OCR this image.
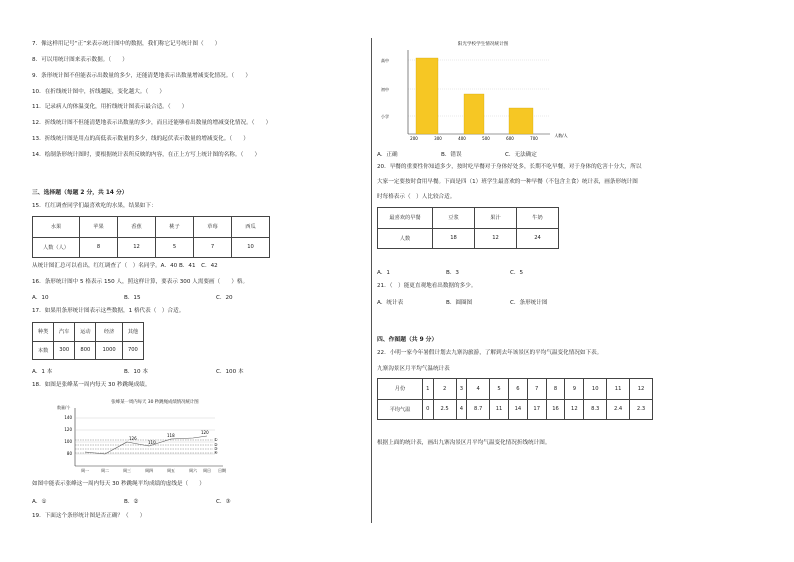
7．像这样用记号“正”来表示统计图中的数据，我们称它记号统计图（　　）
8．可以用统计图来表示数据。（　　）
9．条形统计图不但能表示出数量的多少，还能清楚地表示出数量增减变化情况。（　　）
10．在折线统计图中，折线越陡，变化越大。（　　）
11．记录病人的体温变化，用折线统计图表示最合适。（　　）
12．折线统计图不但能清楚地表示出数量的多少，而且还能够看出数量的增减变化情况。（　　）
13．折线统计图是用点的高低表示数量的多少，线的起伏表示数量的增减变化。（　　）
14．绘制条形统计图时，要根据统计表所反映的内容，在正上方写上统计图的名称。（　　）
三、选择题（每题 2 分，共 14 分）
15．红红调查同学们最喜欢吃的水果，结果如下：
水果	苹果	香蕉	桃子	草莓	西瓜
人数（人）	8	12	5	7	10
从统计图汇总可以看出，红红调查了（　）名同学。A．40 B．41　C．42
16．条形统计图中 5 格表示 150 人，照这样计算，要表示 300 人需要画（　　）格。
A．10	B．15	C．20
17．如果用条形统计图表示这些数据，1 格代表（　）合适。
种类	汽车	运动	经济	其他
本数	300	800	1000	700
A．1 本	B．10 本	C．100 本
18．如图是张峰某一周内每天 30 秒跳绳成绩。
张峰某一周内每天 30 秒跳绳成绩情况统计图
数量/个
140
120
100
80
126
110
118
120
①
②
③
④
周一	周二	周三	周四	周五	周六 周日 日期
如图中能表示张峰这一周内每天 30 秒跳绳平均成绩的虚线是（　　）
A．①	B．②	C．③
19．下面这个条形统计图是否正确？（　　）
阳光学校学生情况统计图
高中
初中
小学
200	300	400	500	600	700
人数/人
A．正确	B．错误	C．无法确定
20．早餐的重要性你知道多少，按时吃早餐对于身体好处多，长期不吃早餐，对于身体的危害十分大，所以
大家一定要按时食用早餐。下面是四（1）班学生最喜欢的一种早餐（不包含主食）统计表，画条形统计图
时每格表示（　）人比较合适。
最喜欢的早餐	豆浆	果汁	牛奶
人数	18	12	24
A．1	B．3	C．5
21．（　）能更直观地看出数据的多少。
A．统计表	B．圆圈图	C．条形统计图
四、作图题（共 9 分）
22．小明一家今年暑假计划去九寨沟旅游，了解到去年该景区的平均气温变化情况如下表。
九寨沟景区月平均气温统计表
月份	1	2	3	4	5	6	7	8	9	10	11	12
平均气温	0	2.5	4	8.7	11	14	17	16	12	8.3	2.4	2.3
根据上面的统计表，画出九寨沟景区月平均气温变化情况折线统计图。
